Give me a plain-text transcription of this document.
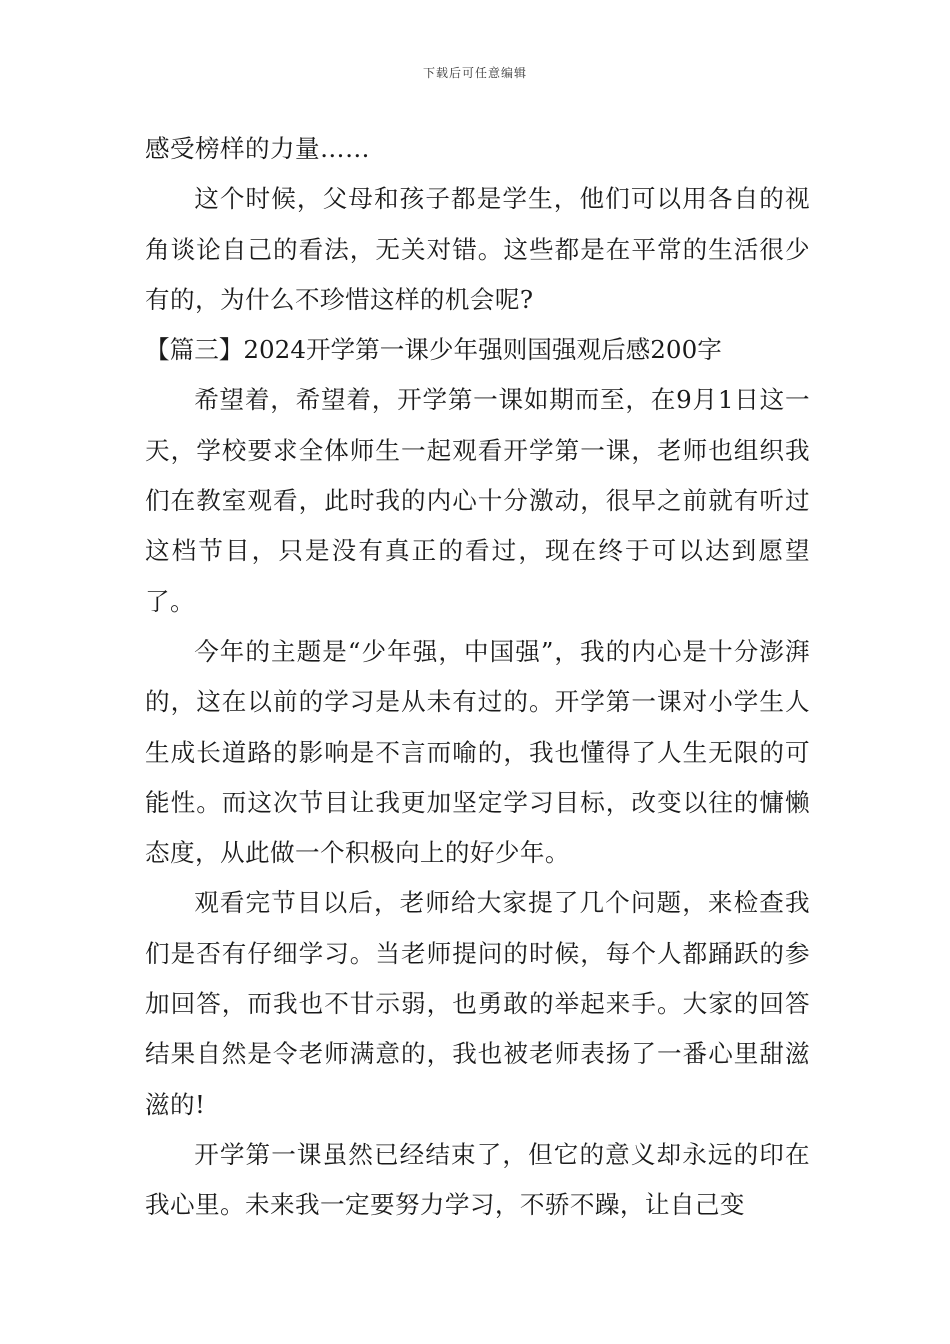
下载后可任意编辑

感受榜样的力量……

这个时候，父母和孩子都是学生，他们可以用各自的视角谈论自己的看法，无关对错。这些都是在平常的生活很少有的，为什么不珍惜这样的机会呢?

【篇三】2024开学第一课少年强则国强观后感200字

希望着，希望着，开学第一课如期而至，在9月1日这一天，学校要求全体师生一起观看开学第一课，老师也组织我们在教室观看，此时我的内心十分激动，很早之前就有听过这档节目，只是没有真正的看过，现在终于可以达到愿望了。

今年的主题是“少年强，中国强”，我的内心是十分澎湃的，这在以前的学习是从未有过的。开学第一课对小学生人生成长道路的影响是不言而喻的，我也懂得了人生无限的可能性。而这次节目让我更加坚定学习目标，改变以往的慵懒态度，从此做一个积极向上的好少年。

观看完节目以后，老师给大家提了几个问题，来检查我们是否有仔细学习。当老师提问的时候，每个人都踊跃的参加回答，而我也不甘示弱，也勇敢的举起来手。大家的回答结果自然是令老师满意的，我也被老师表扬了一番心里甜滋滋的!

开学第一课虽然已经结束了，但它的意义却永远的印在我心里。未来我一定要努力学习，不骄不躁，让自己变
